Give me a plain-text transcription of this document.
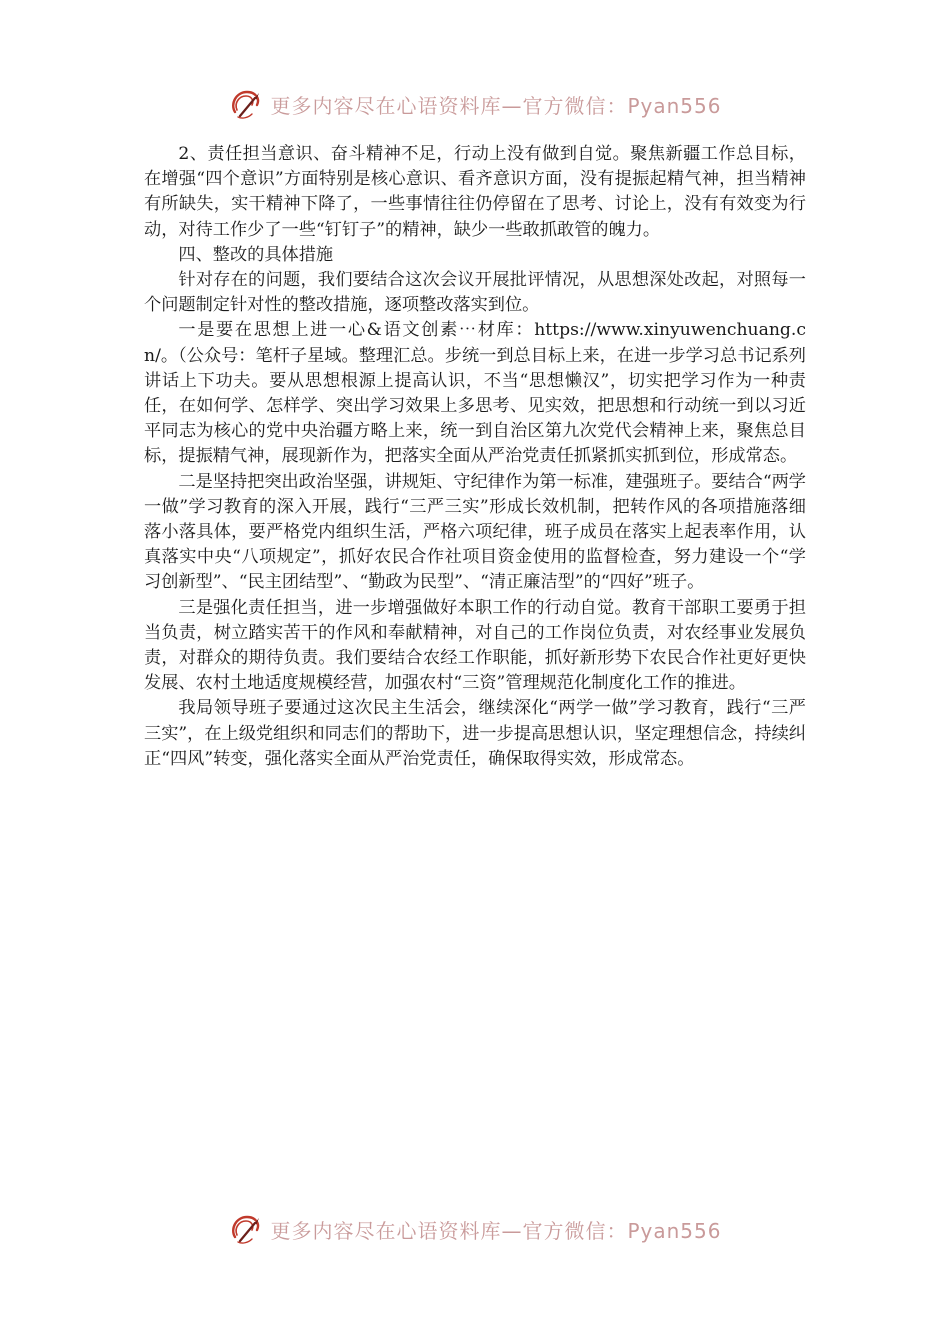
更多内容尽在心语资料库—官方微信：Pyan556

2、责任担当意识、奋斗精神不足，行动上没有做到自觉。聚焦新疆工作总目标，在增强“四个意识”方面特别是核心意识、看齐意识方面，没有提振起精气神，担当精神有所缺失，实干精神下降了，一些事情往往仍停留在了思考、讨论上，没有有效变为行动，对待工作少了一些“钉钉子”的精神，缺少一些敢抓敢管的魄力。

四、整改的具体措施

针对存在的问题，我们要结合这次会议开展批评情况，从思想深处改起，对照每一个问题制定针对性的整改措施，逐项整改落实到位。

一是要在思想上进一心&语文创素⋯材库：https://www.xinyuwenchuang.cn/。（公众号：笔杆子星域。整理汇总。步统一到总目标上来，在进一步学习总书记系列讲话上下功夫。要从思想根源上提高认识，不当“思想懒汉”，切实把学习作为一种责任，在如何学、怎样学、突出学习效果上多思考、见实效，把思想和行动统一到以习近平同志为核心的党中央治疆方略上来，统一到自治区第九次党代会精神上来，聚焦总目标，提振精气神，展现新作为，把落实全面从严治党责任抓紧抓实抓到位，形成常态。

二是坚持把突出政治坚强，讲规矩、守纪律作为第一标准，建强班子。要结合“两学一做”学习教育的深入开展，践行“三严三实”形成长效机制，把转作风的各项措施落细落小落具体，要严格党内组织生活，严格六项纪律，班子成员在落实上起表率作用，认真落实中央“八项规定”，抓好农民合作社项目资金使用的监督检查，努力建设一个“学习创新型”、“民主团结型”、“勤政为民型”、“清正廉洁型”的“四好”班子。

三是强化责任担当，进一步增强做好本职工作的行动自觉。教育干部职工要勇于担当负责，树立踏实苦干的作风和奉献精神，对自己的工作岗位负责，对农经事业发展负责，对群众的期待负责。我们要结合农经工作职能，抓好新形势下农民合作社更好更快发展、农村土地适度规模经营，加强农村“三资”管理规范化制度化工作的推进。

我局领导班子要通过这次民主生活会，继续深化“两学一做”学习教育，践行“三严三实”，在上级党组织和同志们的帮助下，进一步提高思想认识，坚定理想信念，持续纠正“四风”转变，强化落实全面从严治党责任，确保取得实效，形成常态。

更多内容尽在心语资料库—官方微信：Pyan556
